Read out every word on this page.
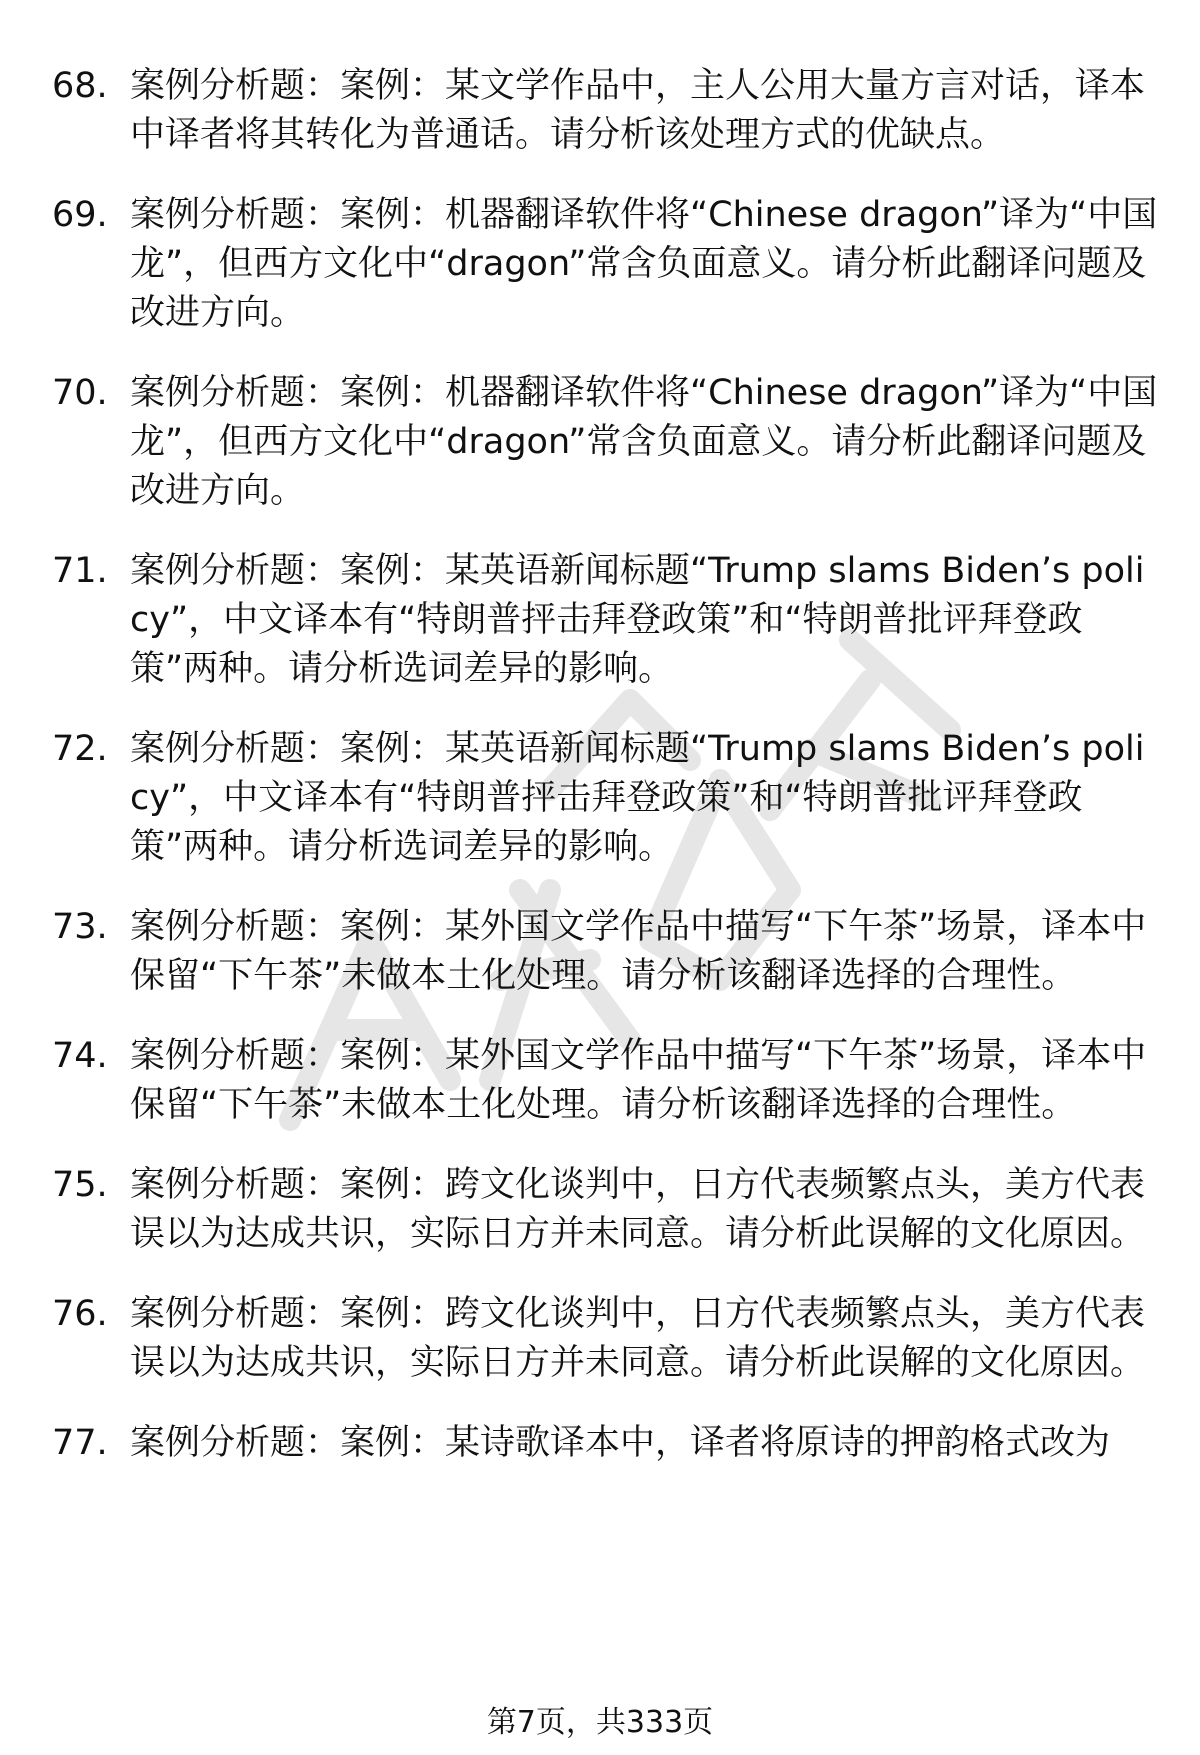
68. 案例分析题：案例：某文学作品中，主人公用大量方言对话，译本中译者将其转化为普通话。请分析该处理方式的优缺点。
69. 案例分析题：案例：机器翻译软件将“Chinese dragon”译为“中国龙”，但西方文化中“dragon”常含负面意义。请分析此翻译问题及改进方向。
70. 案例分析题：案例：机器翻译软件将“Chinese dragon”译为“中国龙”，但西方文化中“dragon”常含负面意义。请分析此翻译问题及改进方向。
71. 案例分析题：案例：某英语新闻标题“Trump slams Biden’s policy”，中文译本有“特朗普抨击拜登政策”和“特朗普批评拜登政策”两种。请分析选词差异的影响。
72. 案例分析题：案例：某英语新闻标题“Trump slams Biden’s policy”，中文译本有“特朗普抨击拜登政策”和“特朗普批评拜登政策”两种。请分析选词差异的影响。
73. 案例分析题：案例：某外国文学作品中描写“下午茶”场景，译本中保留“下午茶”未做本土化处理。请分析该翻译选择的合理性。
74. 案例分析题：案例：某外国文学作品中描写“下午茶”场景，译本中保留“下午茶”未做本土化处理。请分析该翻译选择的合理性。
75. 案例分析题：案例：跨文化谈判中，日方代表频繁点头，美方代表误以为达成共识，实际日方并未同意。请分析此误解的文化原因。
76. 案例分析题：案例：跨文化谈判中，日方代表频繁点头，美方代表误以为达成共识，实际日方并未同意。请分析此误解的文化原因。
77. 案例分析题：案例：某诗歌译本中，译者将原诗的押韵格式改为
第7页，共333页
